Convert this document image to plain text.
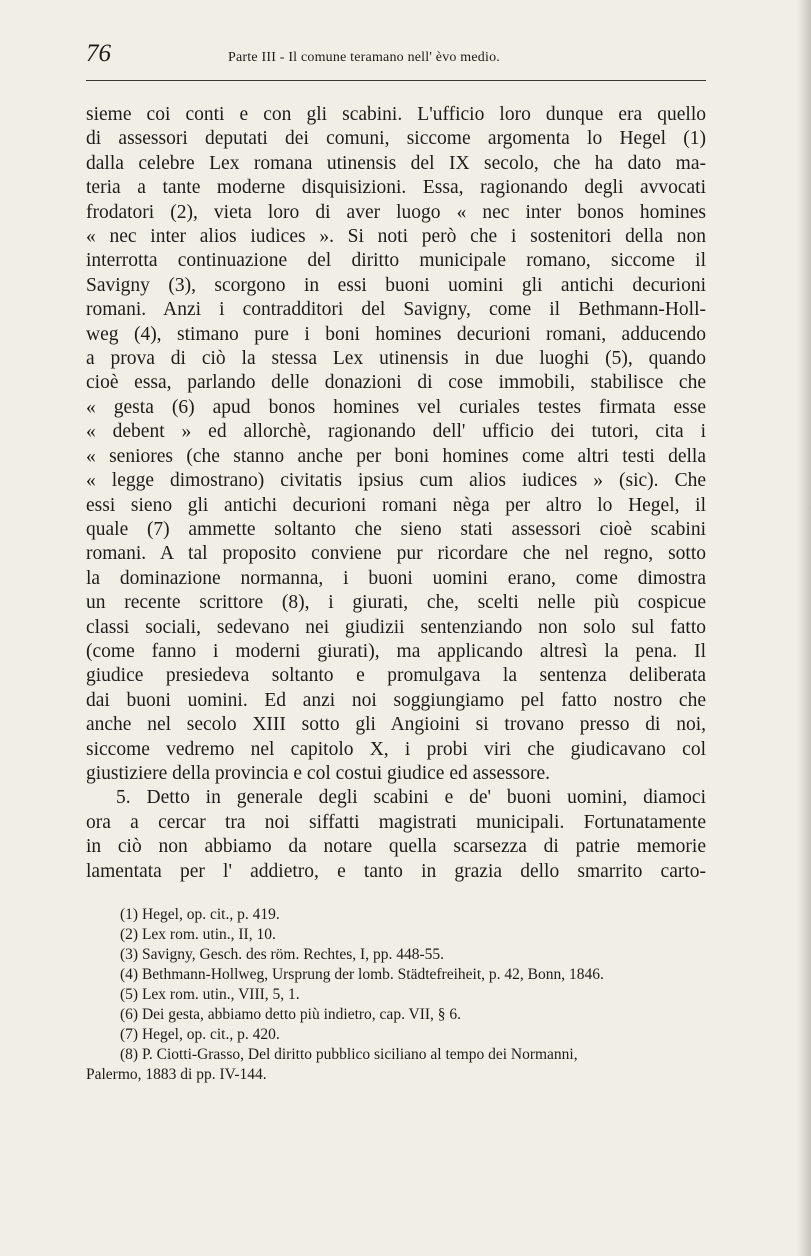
76	Parte III - Il comune teramano nell' èvo medio.
sieme coi conti e con gli scabini. L'ufficio loro dunque era quello
di assessori deputati dei comuni, siccome argomenta lo Hegel (1)
dalla celebre Lex romana utinensis del IX secolo, che ha dato ma-
teria a tante moderne disquisizioni. Essa, ragionando degli avvocati
frodatori (2), vieta loro di aver luogo « nec inter bonos homines
« nec inter alios iudices ». Si noti però che i sostenitori della non
interrotta continuazione del diritto municipale romano, siccome il
Savigny (3), scorgono in essi buoni uomini gli antichi decurioni
romani. Anzi i contradditori del Savigny, come il Bethmann-Holl-
weg (4), stimano pure i boni homines decurioni romani, adducendo
a prova di ciò la stessa Lex utinensis in due luoghi (5), quando
cioè essa, parlando delle donazioni di cose immobili, stabilisce che
« gesta (6) apud bonos homines vel curiales testes firmata esse
« debent » ed allorchè, ragionando dell' ufficio dei tutori, cita i
« seniores (che stanno anche per boni homines come altri testi della
« legge dimostrano) civitatis ipsius cum alios iudices » (sic). Che
essi sieno gli antichi decurioni romani nèga per altro lo Hegel, il
quale (7) ammette soltanto che sieno stati assessori cioè scabini
romani. A tal proposito conviene pur ricordare che nel regno, sotto
la dominazione normanna, i buoni uomini erano, come dimostra
un recente scrittore (8), i giurati, che, scelti nelle più cospicue
classi sociali, sedevano nei giudizii sentenziando non solo sul fatto
(come fanno i moderni giurati), ma applicando altresì la pena. Il
giudice presiedeva soltanto e promulgava la sentenza deliberata
dai buoni uomini. Ed anzi noi soggiungiamo pel fatto nostro che
anche nel secolo XIII sotto gli Angioini si trovano presso di noi,
siccome vedremo nel capitolo X, i probi viri che giudicavano col
giustiziere della provincia e col costui giudice ed assessore.
5. Detto in generale degli scabini e de' buoni uomini, diamoci
ora a cercar tra noi siffatti magistrati municipali. Fortunatamente
in ciò non abbiamo da notare quella scarsezza di patrie memorie
lamentata per l' addietro, e tanto in grazia dello smarrito carto-
(1) Hegel, op. cit., p. 419.
(2) Lex rom. utin., II, 10.
(3) Savigny, Gesch. des röm. Rechtes, I, pp. 448-55.
(4) Bethmann-Hollweg, Ursprung der lomb. Städtefreiheit, p. 42, Bonn, 1846.
(5) Lex rom. utin., VIII, 5, 1.
(6) Dei gesta, abbiamo detto più indietro, cap. VII, § 6.
(7) Hegel, op. cit., p. 420.
(8) P. Ciotti-Grasso, Del diritto pubblico siciliano al tempo dei Normanni,
Palermo, 1883 di pp. IV-144.
